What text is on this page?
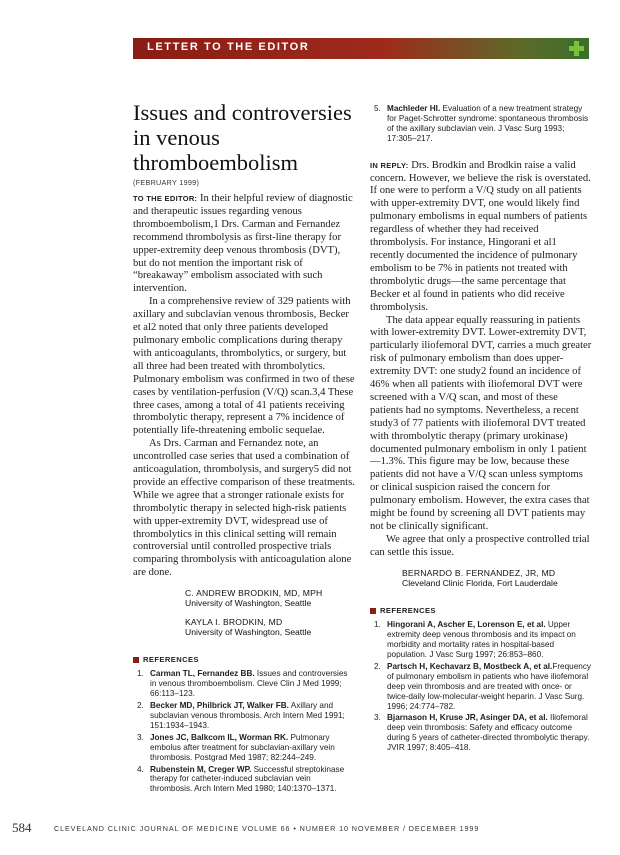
LETTER TO THE EDITOR
Issues and controversies in venous thromboembolism
(FEBRUARY 1999)

TO THE EDITOR: In their helpful review of diagnostic and therapeutic issues regarding venous thromboembolism,1 Drs. Carman and Fernandez recommend thrombolysis as first-line therapy for upper-extremity deep venous thrombosis (DVT), but do not mention the important risk of “breakaway” embolism associated with such intervention.

In a comprehensive review of 329 patients with axillary and subclavian venous thrombosis, Becker et al2 noted that only three patients developed pulmonary embolic complications during therapy with anticoagulants, thrombolytics, or surgery, but all three had been treated with thrombolytics. Pulmonary embolism was confirmed in two of these cases by ventilation-perfusion (V/Q) scan.3,4 These three cases, among a total of 41 patients receiving thrombolytic therapy, represent a 7% incidence of potentially life-threatening embolic sequelae.

As Drs. Carman and Fernandez note, an uncontrolled case series that used a combination of anticoagulation, thrombolysis, and surgery5 did not provide an effective comparison of these treatments. While we agree that a stronger rationale exists for thrombolytic therapy in selected high-risk patients with upper-extremity DVT, widespread use of thrombolytics in this clinical setting will remain controversial until controlled prospective trials comparing thrombolysis with anticoagulation alone are done.

C. ANDREW BRODKIN, MD, MPH
University of Washington, Seattle
KAYLA I. BRODKIN, MD
University of Washington, Seattle
REFERENCES
1. Carman TL, Fernandez BB. Issues and controversies in venous thromboembolism. Cleve Clin J Med 1999; 66:113–123.
2. Becker MD, Philbrick JT, Walker FB. Axillary and subclavian venous thrombosis. Arch Intern Med 1991; 151:1934–1943.
3. Jones JC, Balkcom IL, Worman RK. Pulmonary embolus after treatment for subclavian-axillary vein thrombosis. Postgrad Med 1987; 82:244–249.
4. Rubenstein M, Creger WP. Successful streptokinase therapy for catheter-induced subclavian vein thrombosis. Arch Intern Med 1980; 140:1370–1371.
5. Machleder HI. Evaluation of a new treatment strategy for Paget-Schrotter syndrome: spontaneous thrombosis of the axillary subclavian vein. J Vasc Surg 1993; 17:305–217.

IN REPLY: Drs. Brodkin and Brodkin raise a valid concern. However, we believe the risk is overstated. If one were to perform a V/Q study on all patients with upper-extremity DVT, one would likely find pulmonary embolisms in equal numbers of patients regardless of whether they had received thrombolysis. For instance, Hingorani et al1 recently documented the incidence of pulmonary embolism to be 7% in patients not treated with thrombolytic drugs—the same percentage that Becker et al found in patients who did receive thrombolysis.

The data appear equally reassuring in patients with lower-extremity DVT. Lower-extremity DVT, particularly iliofemoral DVT, carries a much greater risk of pulmonary embolism than does upper-extremity DVT: one study2 found an incidence of 46% when all patients with iliofemoral DVT were screened with a V/Q scan, and most of these patients had no symptoms. Nevertheless, a recent study3 of 77 patients with iliofemoral DVT treated with thrombolytic therapy (primary urokinase) documented pulmonary embolism in only 1 patient—1.3%. This figure may be low, because these patients did not have a V/Q scan unless symptoms or clinical suspicion raised the concern for pulmonary embolism. However, the extra cases that might be found by screening all DVT patients may not be clinically significant.

We agree that only a prospective controlled trial can settle this issue.

BERNARDO B. FERNANDEZ, JR, MD
Cleveland Clinic Florida, Fort Lauderdale
REFERENCES
1. Hingorani A, Ascher E, Lorenson E, et al. Upper extremity deep venous thrombosis and its impact on morbidity and mortality rates in hospital-based population. J Vasc Surg 1997; 26:853–860.
2. Partsch H, Kechavarz B, Mostbeck A, et al.Frequency of pulmonary embolism in patients who have iliofemoral deep vein thrombosis and are treated with once- or twice-daily low-molecular-weight heparin. J Vasc Surg. 1996; 24:774–782.
3. Bjarnason H, Kruse JR, Asinger DA, et al. Iliofemoral deep vein thrombosis: Safety and efficacy outcome during 5 years of catheter-directed thrombolytic therapy. JVIR 1997; 8:405–418.
584	CLEVELAND CLINIC JOURNAL OF MEDICINE VOLUME 66 • NUMBER 10 NOVEMBER / DECEMBER 1999
